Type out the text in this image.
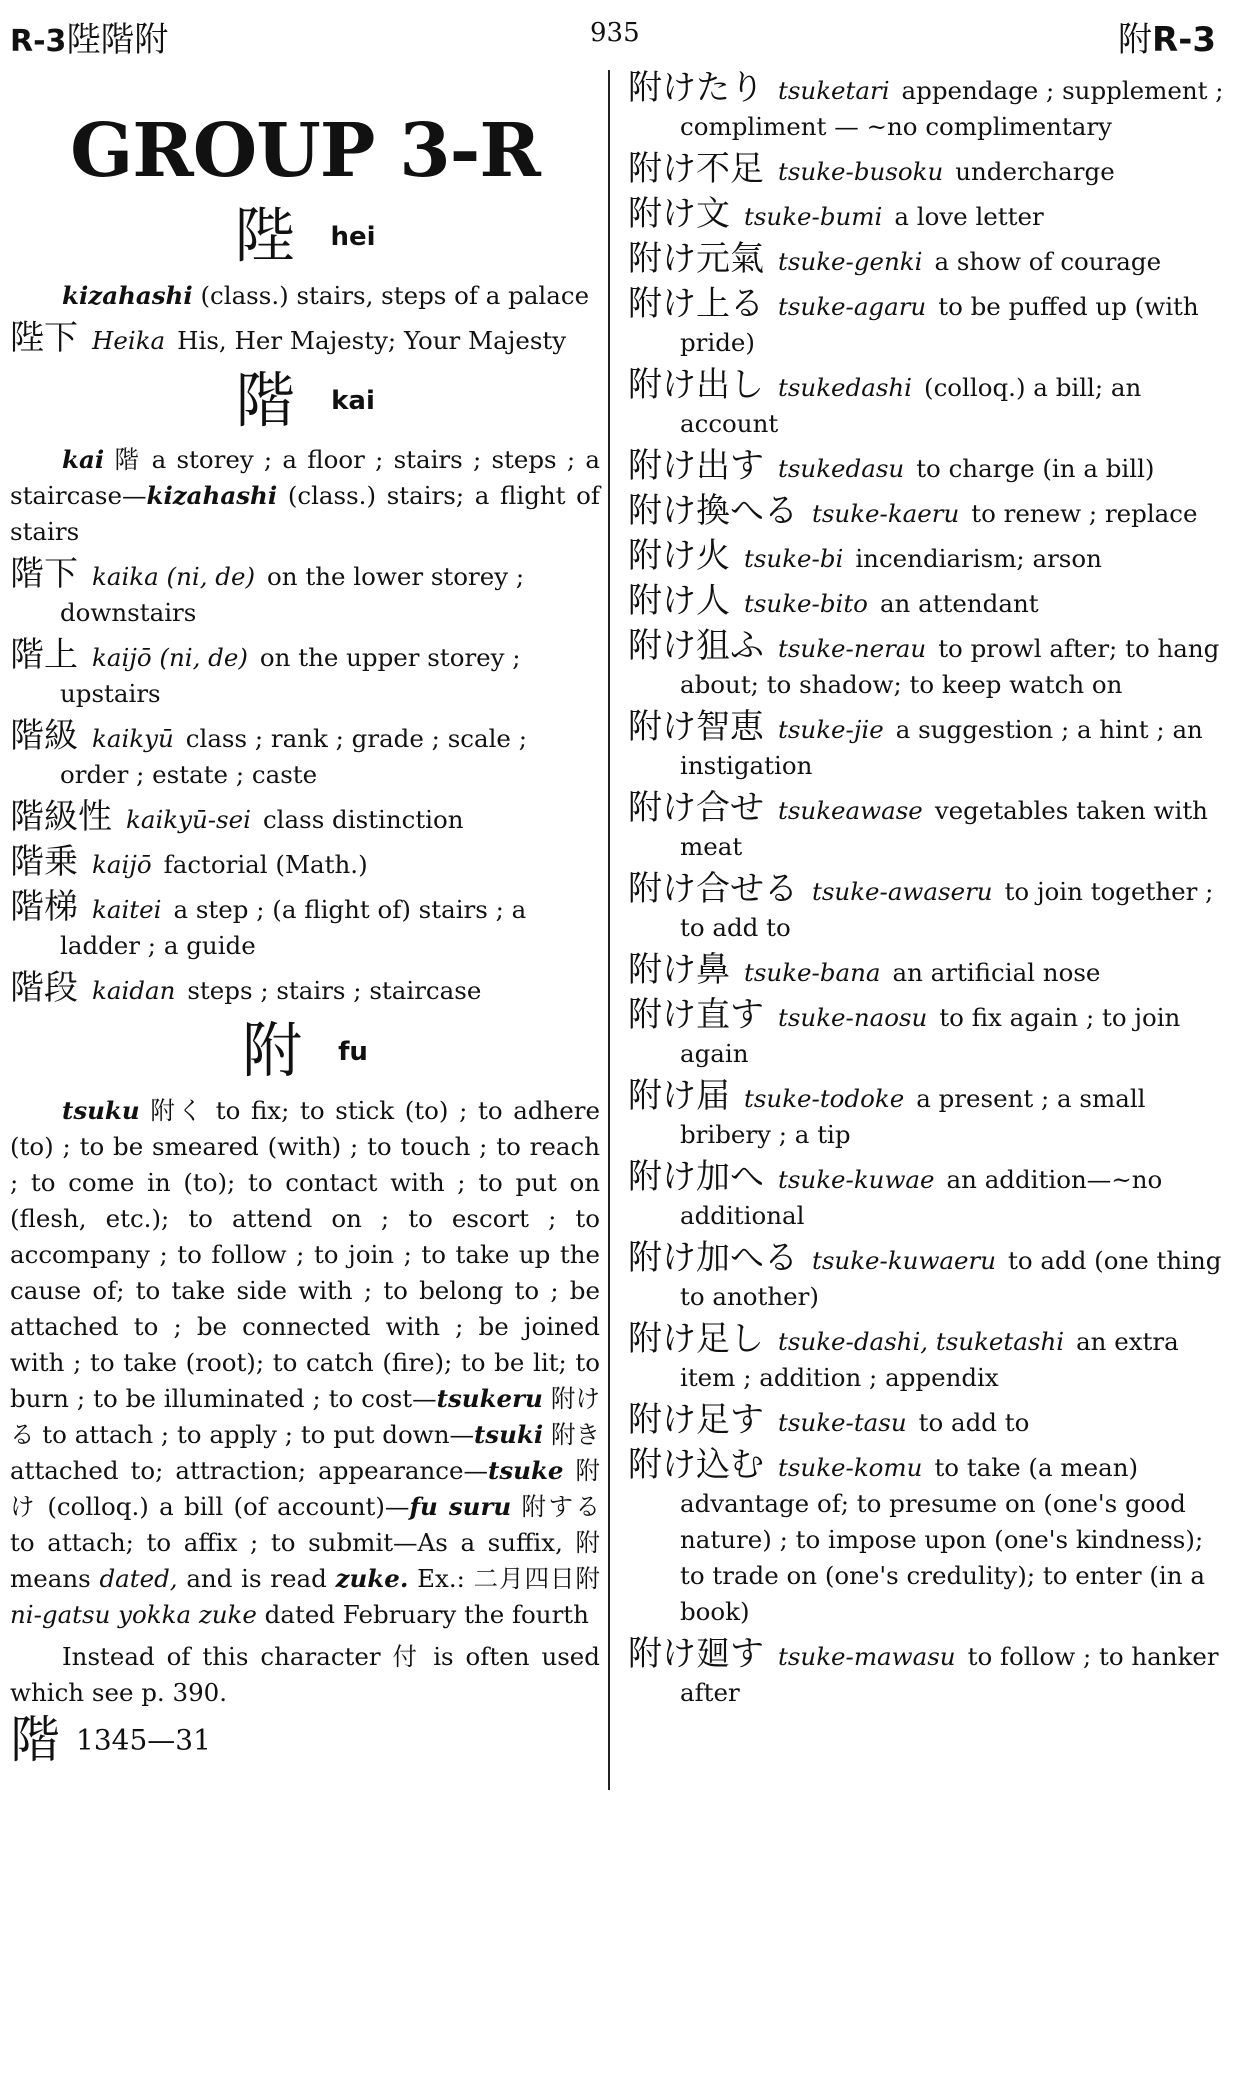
R-3陛階附	935	附R-3
GROUP 3-R
陛 hei
kizahashi (class.) stairs, steps of a palace
陛下 Heika His, Her Majesty; Your Majesty
階 kai
kai 階 a storey ; a floor ; stairs ; steps ; a staircase—kizahashi (class.) stairs; a flight of stairs
階下 kaika (ni, de) on the lower storey ; downstairs
階上 kaijō (ni, de) on the upper storey ; upstairs
階級 kaikyū class ; rank ; grade ; scale ; order ; estate ; caste
階級性 kaikyū-sei class distinction
階乗 kaijō factorial (Math.)
階梯 kaitei a step ; (a flight of) stairs ; a ladder ; a guide
階段 kaidan steps ; stairs ; staircase
附 fu
tsuku 附く to fix; to stick (to) ; to adhere (to) ; to be smeared (with) ; to touch ; to reach ; to come in (to); to contact with ; to put on (flesh, etc.); to attend on ; to escort ; to accompany ; to follow ; to join ; to take up the cause of; to take side with ; to belong to ; be attached to ; be connected with ; be joined with ; to take (root); to catch (fire); to be lit; to burn ; to be illuminated ; to cost—tsukeru 附ける to attach ; to apply ; to put down—tsuki 附き attached to; attraction; appearance—tsuke 附け (colloq.) a bill (of account)—fu suru 附する to attach; to affix ; to submit—As a suffix, 附 means dated, and is read zuke. Ex.: 二月四日附 ni-gatsu yokka zuke dated February the fourth
Instead of this character 付 is often used which see p. 390.
階 1345—31
附けたり tsuketari appendage ; supplement ; compliment — ~no complimentary
附け不足 tsuke-busoku undercharge
附け文 tsuke-bumi a love letter
附け元氣 tsuke-genki a show of courage
附け上る tsuke-agaru to be puffed up (with pride)
附け出し tsukedashi (colloq.) a bill; an account
附け出す tsukedasu to charge (in a bill)
附け換へる tsuke-kaeru to renew ; replace
附け火 tsuke-bi incendiarism; arson
附け人 tsuke-bito an attendant
附け狙ふ tsuke-nerau to prowl after; to hang about; to shadow; to keep watch on
附け智恵 tsuke-jie a suggestion ; a hint ; an instigation
附け合せ tsukeawase vegetables taken with meat
附け合せる tsuke-awaseru to join together ; to add to
附け鼻 tsuke-bana an artificial nose
附け直す tsuke-naosu to fix again ; to join again
附け届 tsuke-todoke a present ; a small bribery ; a tip
附け加へ tsuke-kuwae an addition—~no additional
附け加へる tsuke-kuwaeru to add (one thing to another)
附け足し tsuke-dashi, tsuketashi an extra item ; addition ; appendix
附け足す tsuke-tasu to add to
附け込む tsuke-komu to take (a mean) advantage of; to presume on (one's good nature) ; to impose upon (one's kindness); to trade on (one's credulity); to enter (in a book)
附け廻す tsuke-mawasu to follow ; to hanker after
